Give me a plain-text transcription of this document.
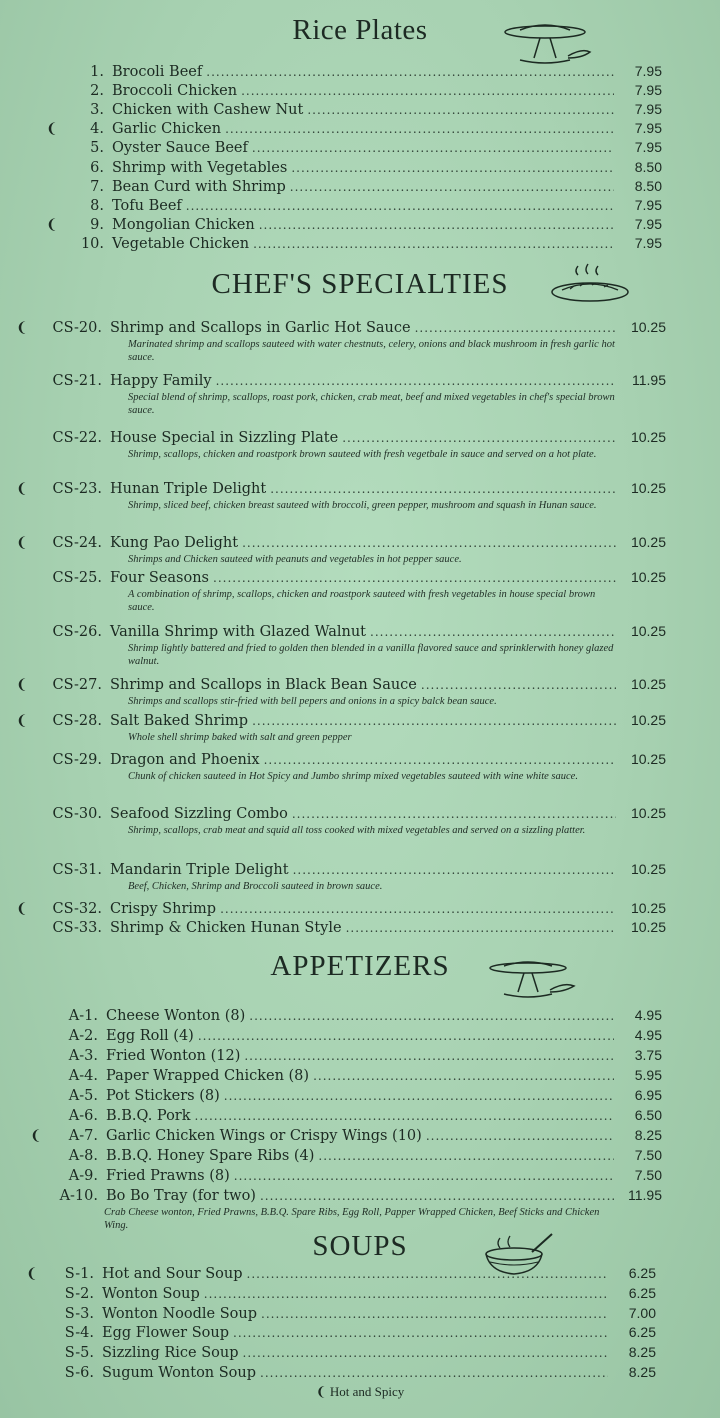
Rice Plates
1. Brocoli Beef .....	7.95
2. Broccoli Chicken .....	7.95
3. Chicken with Cashew Nut .....	7.95
❨	4. Garlic Chicken .....	7.95
5. Oyster Sauce Beef .....	7.95
6. Shrimp with Vegetables .....	8.50
7. Bean Curd with Shrimp .....	8.50
8. Tofu Beef .....	7.95
❨	9. Mongolian Chicken .....	7.95
10. Vegetable Chicken .....	7.95
CHEF'S SPECIALTIES
❨	CS-20. Shrimp and Scallops in Garlic Hot Sauce .....	10.25
Marinated shrimp and scallops sauteed with water chestnuts, celery, onions and black mushroom in fresh garlic hot sauce.
CS-21. Happy Family .....	11.95
Special blend of shrimp, scallops, roast pork, chicken, crab meat, beef and mixed vegetables in chef's special brown sauce.
CS-22. House Special in Sizzling Plate .....	10.25
Shrimp, scallops, chicken and roastpork brown sauteed with fresh vegetbale in sauce and served on a hot plate.
❨	CS-23. Hunan Triple Delight .....	10.25
Shrimp, sliced beef, chicken breast sauteed with broccoli, green pepper, mushroom and squash in Hunan sauce.
❨	CS-24. Kung Pao Delight .....	10.25
Shrimps and Chicken sauteed with peanuts and vegetables in hot pepper sauce.
CS-25. Four Seasons .....	10.25
A combination of shrimp, scallops, chicken and roastpork sauteed with fresh vegetables in house special brown sauce.
CS-26. Vanilla Shrimp with Glazed Walnut .....	10.25
Shrimp lightly battered and fried to golden then blended in a vanilla flavored sauce and sprinklerwith honey glazed walnut.
❨	CS-27. Shrimp and Scallops in Black Bean Sauce .....	10.25
Shrimps and scallops stir-fried with bell pepers and onions in a spicy balck bean sauce.
❨	CS-28. Salt Baked Shrimp .....	10.25
Whole shell shrimp baked with salt and green pepper
CS-29. Dragon and Phoenix .....	10.25
Chunk of chicken sauteed in Hot Spicy and Jumbo shrimp mixed vegetables sauteed with wine white sauce.
CS-30. Seafood Sizzling Combo .....	10.25
Shrimp, scallops, crab meat and squid all toss cooked with mixed vegetables and served on a sizzling platter.
CS-31. Mandarin Triple Delight .....	10.25
Beef, Chicken, Shrimp and Broccoli sauteed in brown sauce.
❨	CS-32. Crispy Shrimp .....	10.25
CS-33. Shrimp & Chicken Hunan Style .....	10.25
APPETIZERS
A-1. Cheese Wonton (8) .....	4.95
A-2. Egg Roll (4) .....	4.95
A-3. Fried Wonton (12) .....	3.75
A-4. Paper Wrapped Chicken (8) .....	5.95
A-5. Pot Stickers (8) .....	6.95
A-6. B.B.Q. Pork .....	6.50
❨	A-7. Garlic Chicken Wings or Crispy Wings (10) .....	8.25
A-8. B.B.Q. Honey Spare Ribs (4) .....	7.50
A-9. Fried Prawns (8) .....	7.50
A-10. Bo Bo Tray (for two) .....	11.95
Crab Cheese wonton, Fried Prawns, B.B.Q. Spare Ribs, Egg Roll, Papper Wrapped Chicken, Beef Sticks and Chicken Wing.
SOUPS
❨	S-1. Hot and Sour Soup .....	6.25
S-2. Wonton Soup .....	6.25
S-3. Wonton Noodle Soup .....	7.00
S-4. Egg Flower Soup .....	6.25
S-5. Sizzling Rice Soup .....	8.25
S-6. Sugum Wonton Soup .....	8.25
❨ Hot and Spicy
